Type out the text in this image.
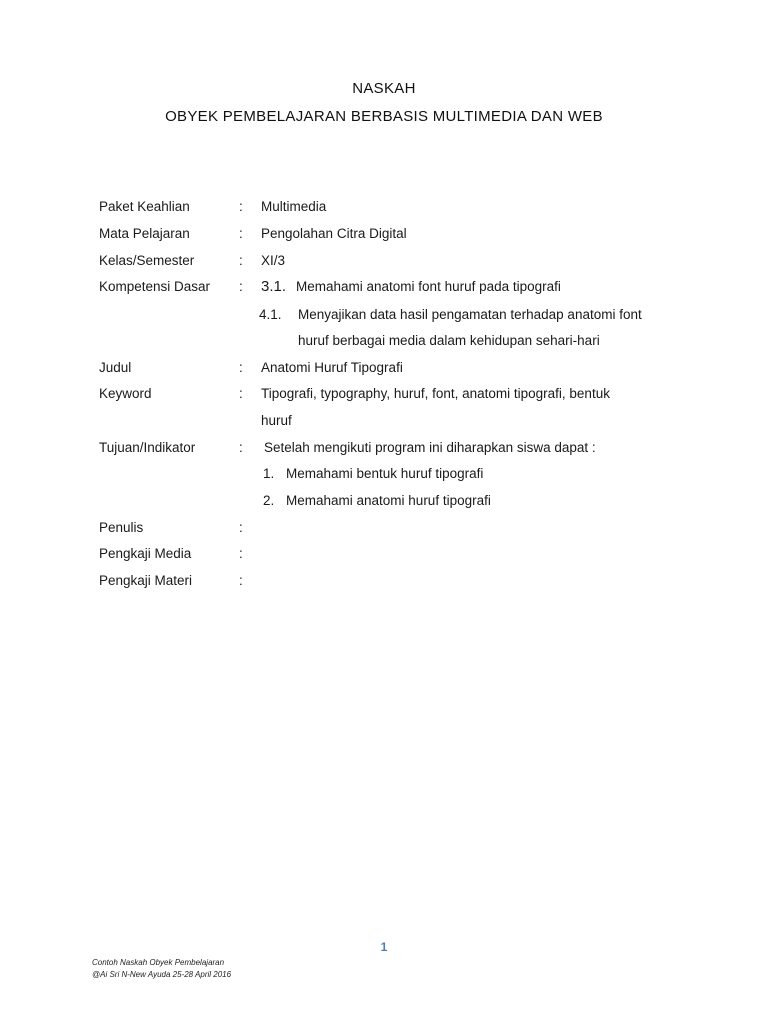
NASKAH
OBYEK PEMBELAJARAN BERBASIS MULTIMEDIA DAN WEB
Paket Keahlian	: Multimedia
Mata Pelajaran	: Pengolahan Citra Digital
Kelas/Semester	: XI/3
Kompetensi Dasar : 3.1. Memahami anatomi font huruf pada tipografi
4.1. Menyajikan data hasil pengamatan terhadap anatomi font
huruf berbagai media dalam kehidupan sehari-hari
Judul	: Anatomi Huruf Tipografi
Keyword	: Tipografi, typography, huruf, font, anatomi tipografi, bentuk
huruf
Tujuan/Indikator	: Setelah mengikuti program ini diharapkan siswa dapat :
1. Memahami bentuk huruf tipografi
2. Memahami anatomi huruf tipografi
Penulis	:
Pengkaji Media	:
Pengkaji Materi	:
1
Contoh Naskah Obyek Pembelajaran
@Ai Sri N-New Ayuda 25-28 April 2016
